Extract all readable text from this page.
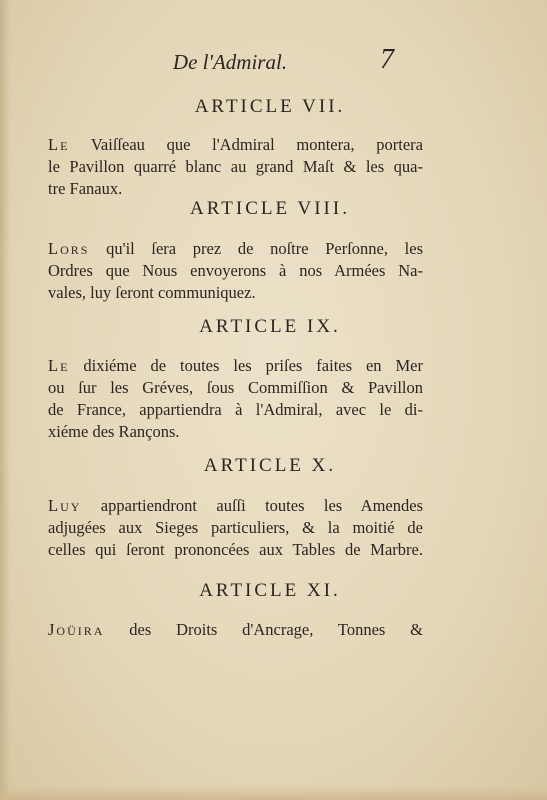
De l'Admiral.	7
ARTICLE VII.
Le Vaiſſeau que l'Admiral montera, portera
le Pavillon quarré blanc au grand Maſt & les qua-
tre Fanaux.
ARTICLE VIII.
Lors qu'il ſera prez de noſtre Perſonne, les
Ordres que Nous envoyerons à nos Armées Na-
vales, luy ſeront communiquez.
ARTICLE IX.
Le dixiéme de toutes les priſes faites en Mer
ou ſur les Gréves, ſous Commiſſion & Pavillon
de France, appartiendra à l'Admiral, avec le di-
xiéme des Rançons.
ARTICLE X.
Luy appartiendront auſſi toutes les Amendes
adjugées aux Sieges particuliers, & la moitié de
celles qui ſeront prononcées aux Tables de Marbre.
ARTICLE XI.
Joüira des Droits d'Ancrage, Tonnes &
